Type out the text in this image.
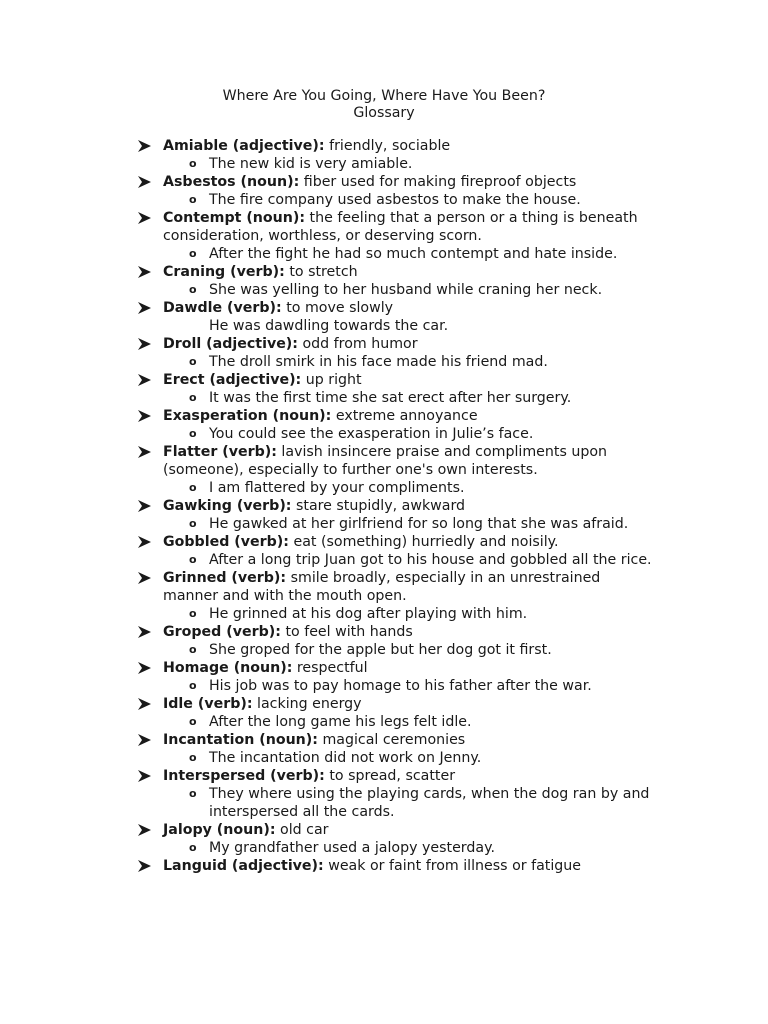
Where Are You Going, Where Have You Been?
Glossary
Amiable (adjective): friendly, sociable
o The new kid is very amiable.
Asbestos (noun): fiber used for making fireproof objects
o The fire company used asbestos to make the house.
Contempt (noun): the feeling that a person or a thing is beneath consideration, worthless, or deserving scorn.
o After the fight he had so much contempt and hate inside.
Craning (verb): to stretch
o She was yelling to her husband while craning her neck.
Dawdle (verb): to move slowly
He was dawdling towards the car.
Droll (adjective): odd from humor
o The droll smirk in his face made his friend mad.
Erect (adjective): up right
o It was the first time she sat erect after her surgery.
Exasperation (noun): extreme annoyance
o You could see the exasperation in Julie’s face.
Flatter (verb): lavish insincere praise and compliments upon (someone), especially to further one's own interests.
o I am flattered by your compliments.
Gawking (verb): stare stupidly, awkward
o He gawked at her girlfriend for so long that she was afraid.
Gobbled (verb): eat (something) hurriedly and noisily.
o After a long trip Juan got to his house and gobbled all the rice.
Grinned (verb): smile broadly, especially in an unrestrained manner and with the mouth open.
o He grinned at his dog after playing with him.
Groped (verb): to feel with hands
o She groped for the apple but her dog got it first.
Homage (noun): respectful
o His job was to pay homage to his father after the war.
Idle (verb): lacking energy
o After the long game his legs felt idle.
Incantation (noun): magical ceremonies
o The incantation did not work on Jenny.
Interspersed (verb): to spread, scatter
o They where using the playing cards, when the dog ran by and interspersed all the cards.
Jalopy (noun): old car
o My grandfather used a jalopy yesterday.
Languid (adjective): weak or faint from illness or fatigue
